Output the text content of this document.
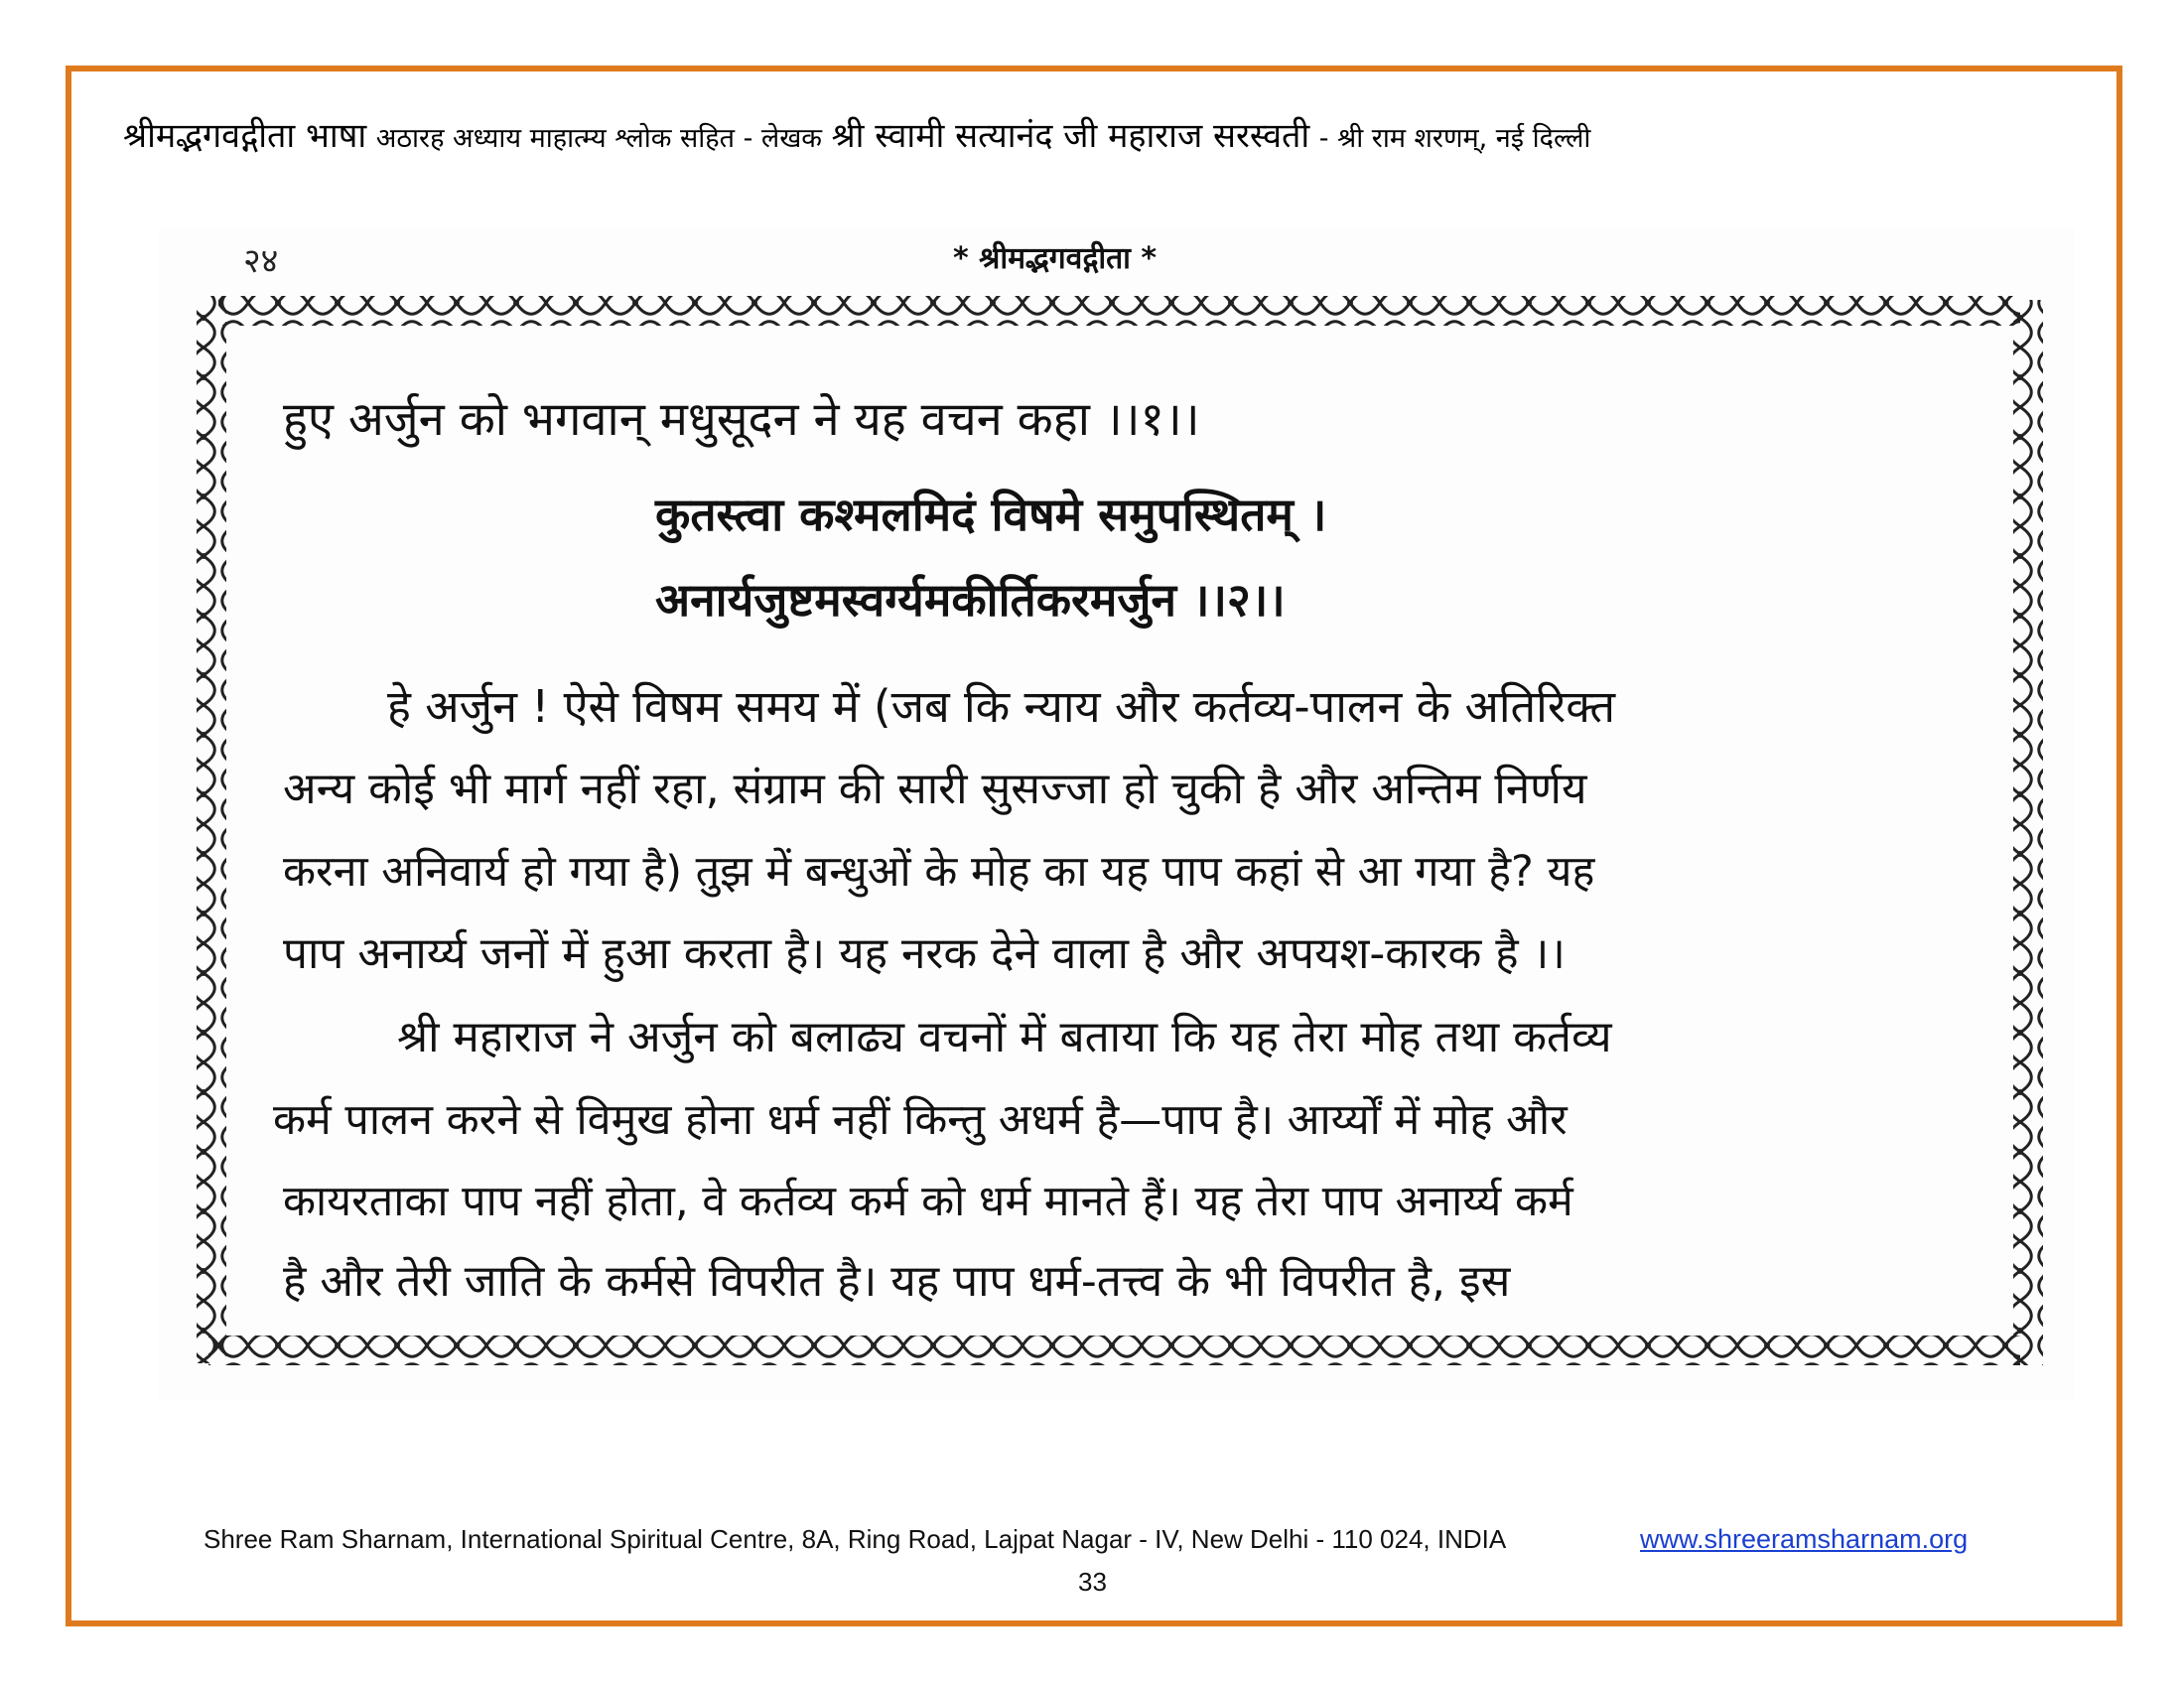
श्रीमद्भगवद्गीता भाषा अठारह अध्याय माहात्म्य श्लोक सहित - लेखक श्री स्वामी सत्यानंद जी महाराज सरस्वती - श्री राम शरणम्, नई दिल्ली
२४	* श्रीमद्भगवद्गीता *
हुए अर्जुन को भगवान् मधुसूदन ने यह वचन कहा ।।१।।
कुतस्त्वा कश्मलमिदं विषमे समुपस्थितम् ।
अनार्यजुष्टमस्वर्ग्यमकीर्तिकरमर्जुन ।।२।।
हे अर्जुन ! ऐसे विषम समय में (जब कि न्याय और कर्तव्य-पालन के अतिरिक्त
अन्य कोई भी मार्ग नहीं रहा, संग्राम की सारी सुसज्जा हो चुकी है और अन्तिम निर्णय
करना अनिवार्य हो गया है) तुझ में बन्धुओं के मोह का यह पाप कहां से आ गया है? यह
पाप अनार्य्य जनों में हुआ करता है। यह नरक देने वाला है और अपयश-कारक है ।।
श्री महाराज ने अर्जुन को बलाढ्य वचनों में बताया कि यह तेरा मोह तथा कर्तव्य
कर्म पालन करने से विमुख होना धर्म नहीं किन्तु अधर्म है—पाप है। आर्य्यों में मोह और
कायरताका पाप नहीं होता, वे कर्तव्य कर्म को धर्म मानते हैं। यह तेरा पाप अनार्य्य कर्म
है और तेरी जाति के कर्मसे विपरीत है। यह पाप धर्म-तत्त्व के भी विपरीत है, इस
Shree Ram Sharnam, International Spiritual Centre, 8A, Ring Road, Lajpat Nagar - IV, New Delhi - 110 024, INDIA	www.shreeramsharnam.org
33
